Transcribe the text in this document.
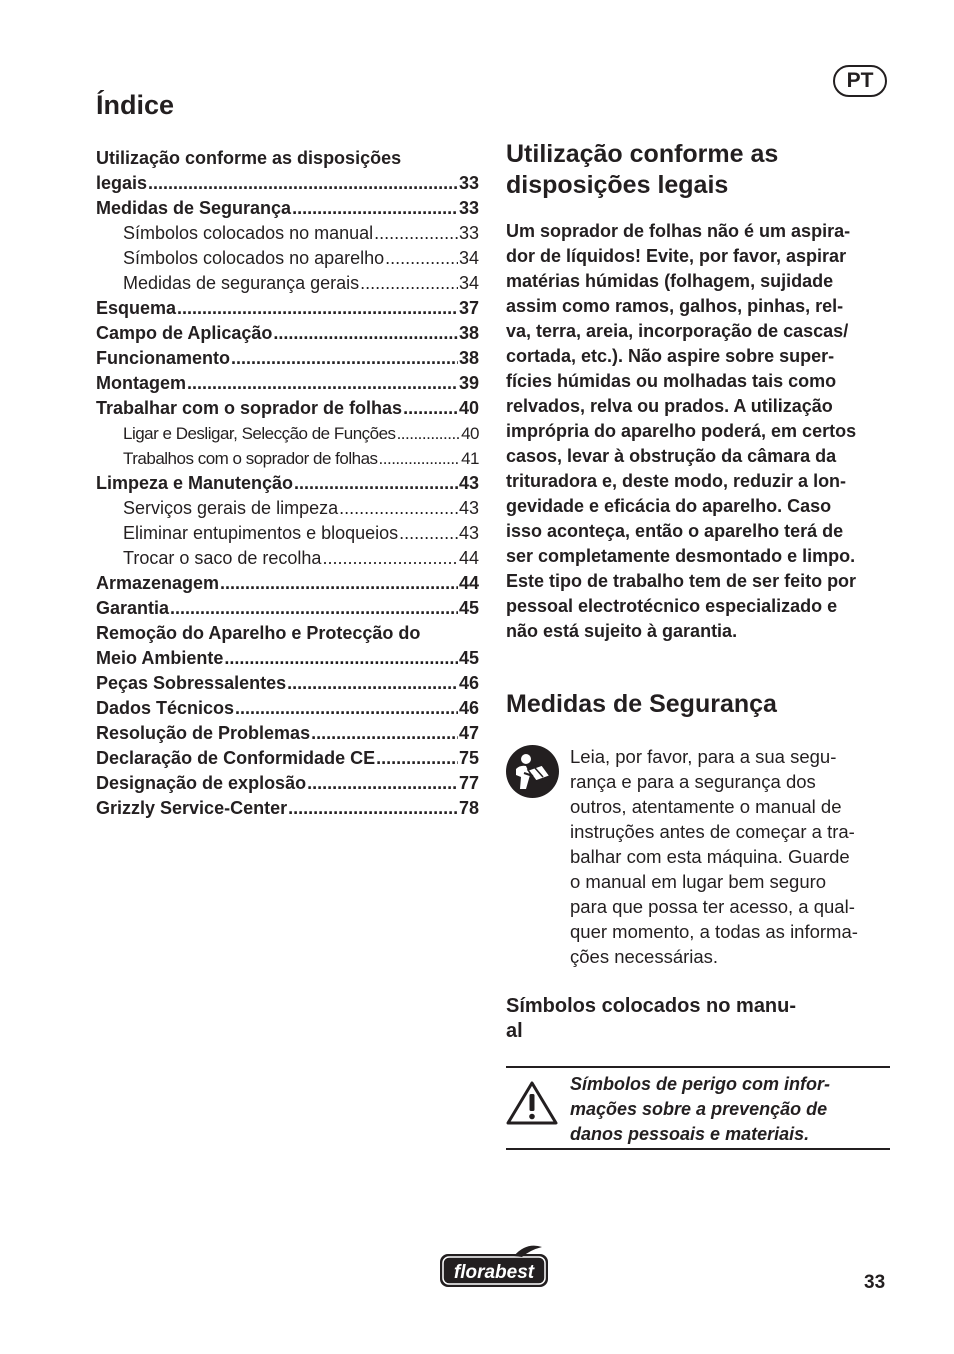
PT
Índice
Utilização conforme as disposições
legais .....	33
Medidas de Segurança .....	33
Símbolos colocados no manual .....	33
Símbolos colocados no aparelho .....	34
Medidas de segurança gerais .....	34
Esquema .....	37
Campo de Aplicação .....	38
Funcionamento .....	38
Montagem .....	39
Trabalhar com o soprador de folhas .....	40
Ligar e Desligar, Selecção de Funções .....	40
Trabalhos com o soprador de folhas .....	41
Limpeza e Manutenção .....	43
Serviços gerais de limpeza .....	43
Eliminar entupimentos e bloqueios .....	43
Trocar o saco de recolha .....	44
Armazenagem .....	44
Garantia .....	45
Remoção do Aparelho e Protecção do
Meio Ambiente .....	45
Peças Sobressalentes .....	46
Dados Técnicos .....	46
Resolução de Problemas .....	47
Declaração de Conformidade CE .....	75
Designação de explosão .....	77
Grizzly Service-Center .....	78
Utilização conforme as disposições legais

Um soprador de folhas não é um aspira-
dor de líquidos! Evite, por favor, aspirar
matérias húmidas (folhagem, sujidade
assim como ramos, galhos, pinhas, rel-
va, terra, areia, incorporação de cascas/
cortada, etc.). Não aspire sobre super-
fícies húmidas ou molhadas tais como
relvados, relva ou prados. A utilização
imprópria do aparelho poderá, em certos
casos, levar à obstrução da câmara da
trituradora e, deste modo, reduzir a lon-
gevidade e eficácia do aparelho. Caso
isso aconteça, então o aparelho terá de
ser completamente desmontado e limpo.
Este tipo de trabalho tem de ser feito por
pessoal electrotécnico especializado e
não está sujeito à garantia.

Medidas de Segurança

Leia, por favor, para a sua segu-
rança e para a segurança dos
outros, atentamente o manual de
instruções antes de começar a tra-
balhar com esta máquina. Guarde
o manual em lugar bem seguro
para que possa ter acesso, a qual-
quer momento, a todas as informa-
ções necessárias.

Símbolos colocados no manu-
al

Símbolos de perigo com infor-
mações sobre a prevenção de
danos pessoais e materiais.

florabest	33
